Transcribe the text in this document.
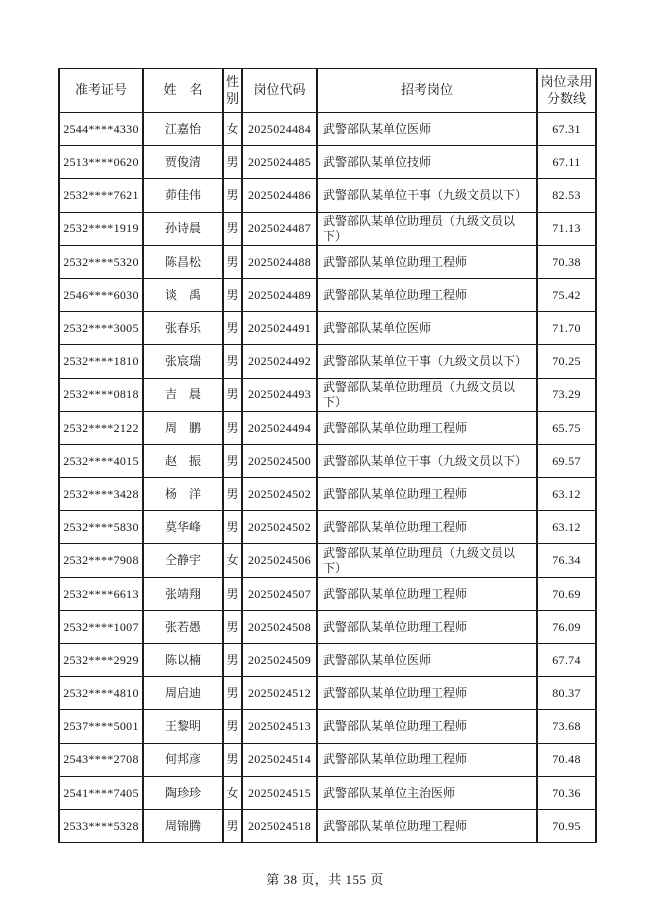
准考证号	姓　名	性别	岗位代码	招考岗位	岗位录用分数线
2544****4330	江嘉怡	女	2025024484	武警部队某单位医师	67.31
2513****0620	贾俊清	男	2025024485	武警部队某单位技师	67.11
2532****7621	茆佳伟	男	2025024486	武警部队某单位干事（九级文员以下）	82.53
2532****1919	孙诗晨	男	2025024487	武警部队某单位助理员（九级文员以下）	71.13
2532****5320	陈昌松	男	2025024488	武警部队某单位助理工程师	70.38
2546****6030	谈　禹	男	2025024489	武警部队某单位助理工程师	75.42
2532****3005	张春乐	男	2025024491	武警部队某单位医师	71.70
2532****1810	张宸瑞	男	2025024492	武警部队某单位干事（九级文员以下）	70.25
2532****0818	吉　晨	男	2025024493	武警部队某单位助理员（九级文员以下）	73.29
2532****2122	周　鹏	男	2025024494	武警部队某单位助理工程师	65.75
2532****4015	赵　振	男	2025024500	武警部队某单位干事（九级文员以下）	69.57
2532****3428	杨　洋	男	2025024502	武警部队某单位助理工程师	63.12
2532****5830	莫华峰	男	2025024502	武警部队某单位助理工程师	63.12
2532****7908	仝静宇	女	2025024506	武警部队某单位助理员（九级文员以下）	76.34
2532****6613	张靖翔	男	2025024507	武警部队某单位助理工程师	70.69
2532****1007	张若愚	男	2025024508	武警部队某单位助理工程师	76.09
2532****2929	陈以楠	男	2025024509	武警部队某单位医师	67.74
2532****4810	周启迪	男	2025024512	武警部队某单位助理工程师	80.37
2537****5001	王黎明	男	2025024513	武警部队某单位助理工程师	73.68
2543****2708	何邦彦	男	2025024514	武警部队某单位助理工程师	70.48
2541****7405	陶珍珍	女	2025024515	武警部队某单位主治医师	70.36
2533****5328	周锦腾	男	2025024518	武警部队某单位助理工程师	70.95
第 38 页，共 155 页
